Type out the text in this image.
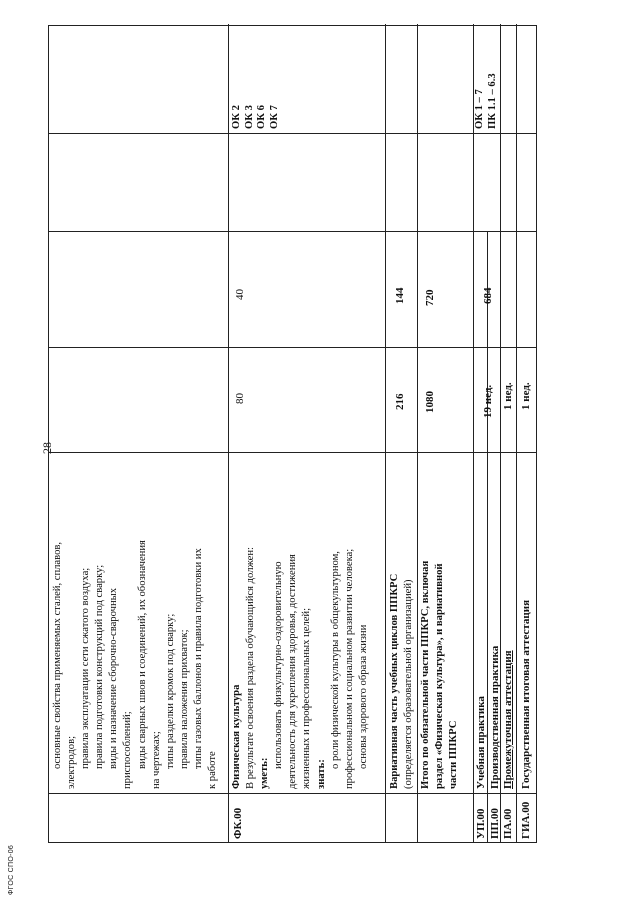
28
ФГОС СПО-06
основные свойства применяемых сталей, сплавов, электродов; правила эксплуатации сети сжатого воздуха; правила подготовки конструкций под сварку; виды и назначение сборочно-сварочных приспособлений; виды сварных швов и соединений, их обозначения на чертежах; типы разделки кромок под сварку; правила наложения прихваток; типы газовых баллонов и правила подготовки их
к работе
ФК.00
Физическая культура В результате освоения раздела обучающийся должен: уметь:
использовать физкультурно-оздоровительную деятельность для укрепления здоровья, достижения жизненных и профессиональных целей; знать:
о роли физической культуры в общекультурном, профессиональном и социальном развитии человека; основы здорового образа жизни
80
40
ОК 2 ОК 3 ОК 6 ОК 7
Вариативная часть учебных циклов ППКРС (определяется образовательной организацией)
216
144
Итого по обязательной части ППКРС, включая раздел «Физическая культура», и вариативной части ППКРС
1080
720
УП.00
Учебная практика
ПП.00
Производственная практика
19 нед.
684
ОК 1 – 7 ПК 1.1 – 6.3
ПА.00
Промежуточная аттестация
1 нед.
ГИА.00
Государственная итоговая аттестация
1 нед.
